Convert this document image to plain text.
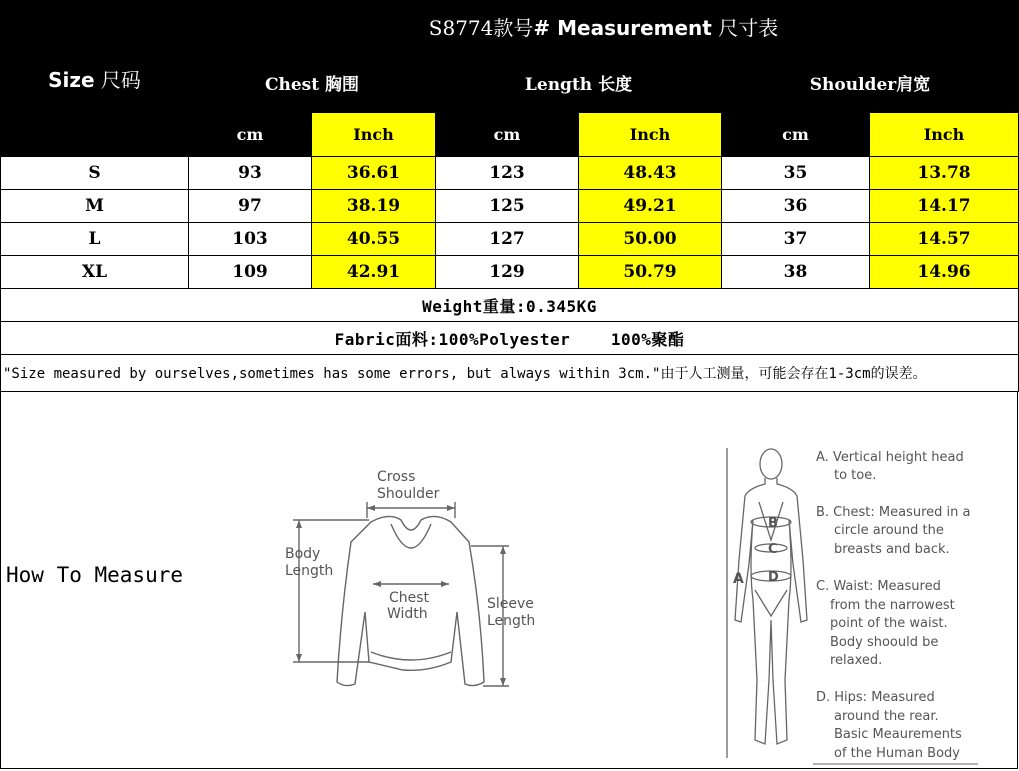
Size 尺码	S8774款号# Measurement 尺寸表					
	Chest 胸围		Length 长度		Shoulder肩宽	
	cm	Inch	cm	Inch	cm	Inch
S	93	36.61	123	48.43	35	13.78
M	97	38.19	125	49.21	36	14.17
L	103	40.55	127	50.00	37	14.57
XL	109	42.91	129	50.79	38	14.96
Weight重量:0.345KG						
Fabric面料:100%Polyester    100%聚酯						
"Size measured by ourselves,sometimes has some errors, but always within 3cm."由于人工测量，可能会存在1-3cm的误差。						
How To Measure
Cross
Shoulder
Body
Length
Chest
Width
Sleeve
Length
A
B
C
D
A. Vertical height head
to toe.
B. Chest: Measured in a
circle around the
breasts and back.
C. Waist: Measured
from the narrowest
point of the waist.
Body shoould be
relaxed.
D. Hips: Measured
around the rear.
Basic Meaurements
of the Human Body
